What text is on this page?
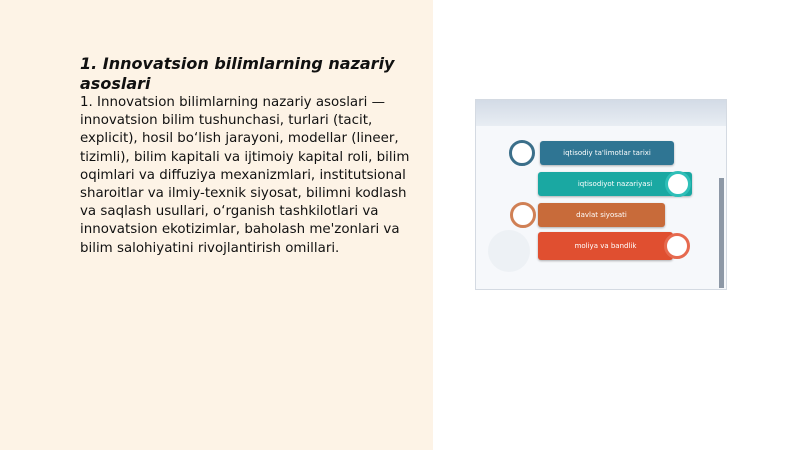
1. Innovatsion bilimlarning nazariy asoslari

1. Innovatsion bilimlarning nazariy asoslari — innovatsion bilim tushunchasi, turlari (tacit, explicit), hosil bo‘lish jarayoni, modellar (lineer, tizimli), bilim kapitali va ijtimoiy kapital roli, bilim oqimlari va diffuziya mexanizmlari, institutsional sharoitlar va ilmiy-texnik siyosat, bilimni kodlash va saqlash usullari, o‘rganish tashkilotlari va innovatsion ekotizimlar, baholash me'zonlari va bilim salohiyatini rivojlantirish omillari.

iqtisodiy ta'limotlar tarixi
iqtisodiyot nazariyasi
davlat siyosati
moliya va bandlik
